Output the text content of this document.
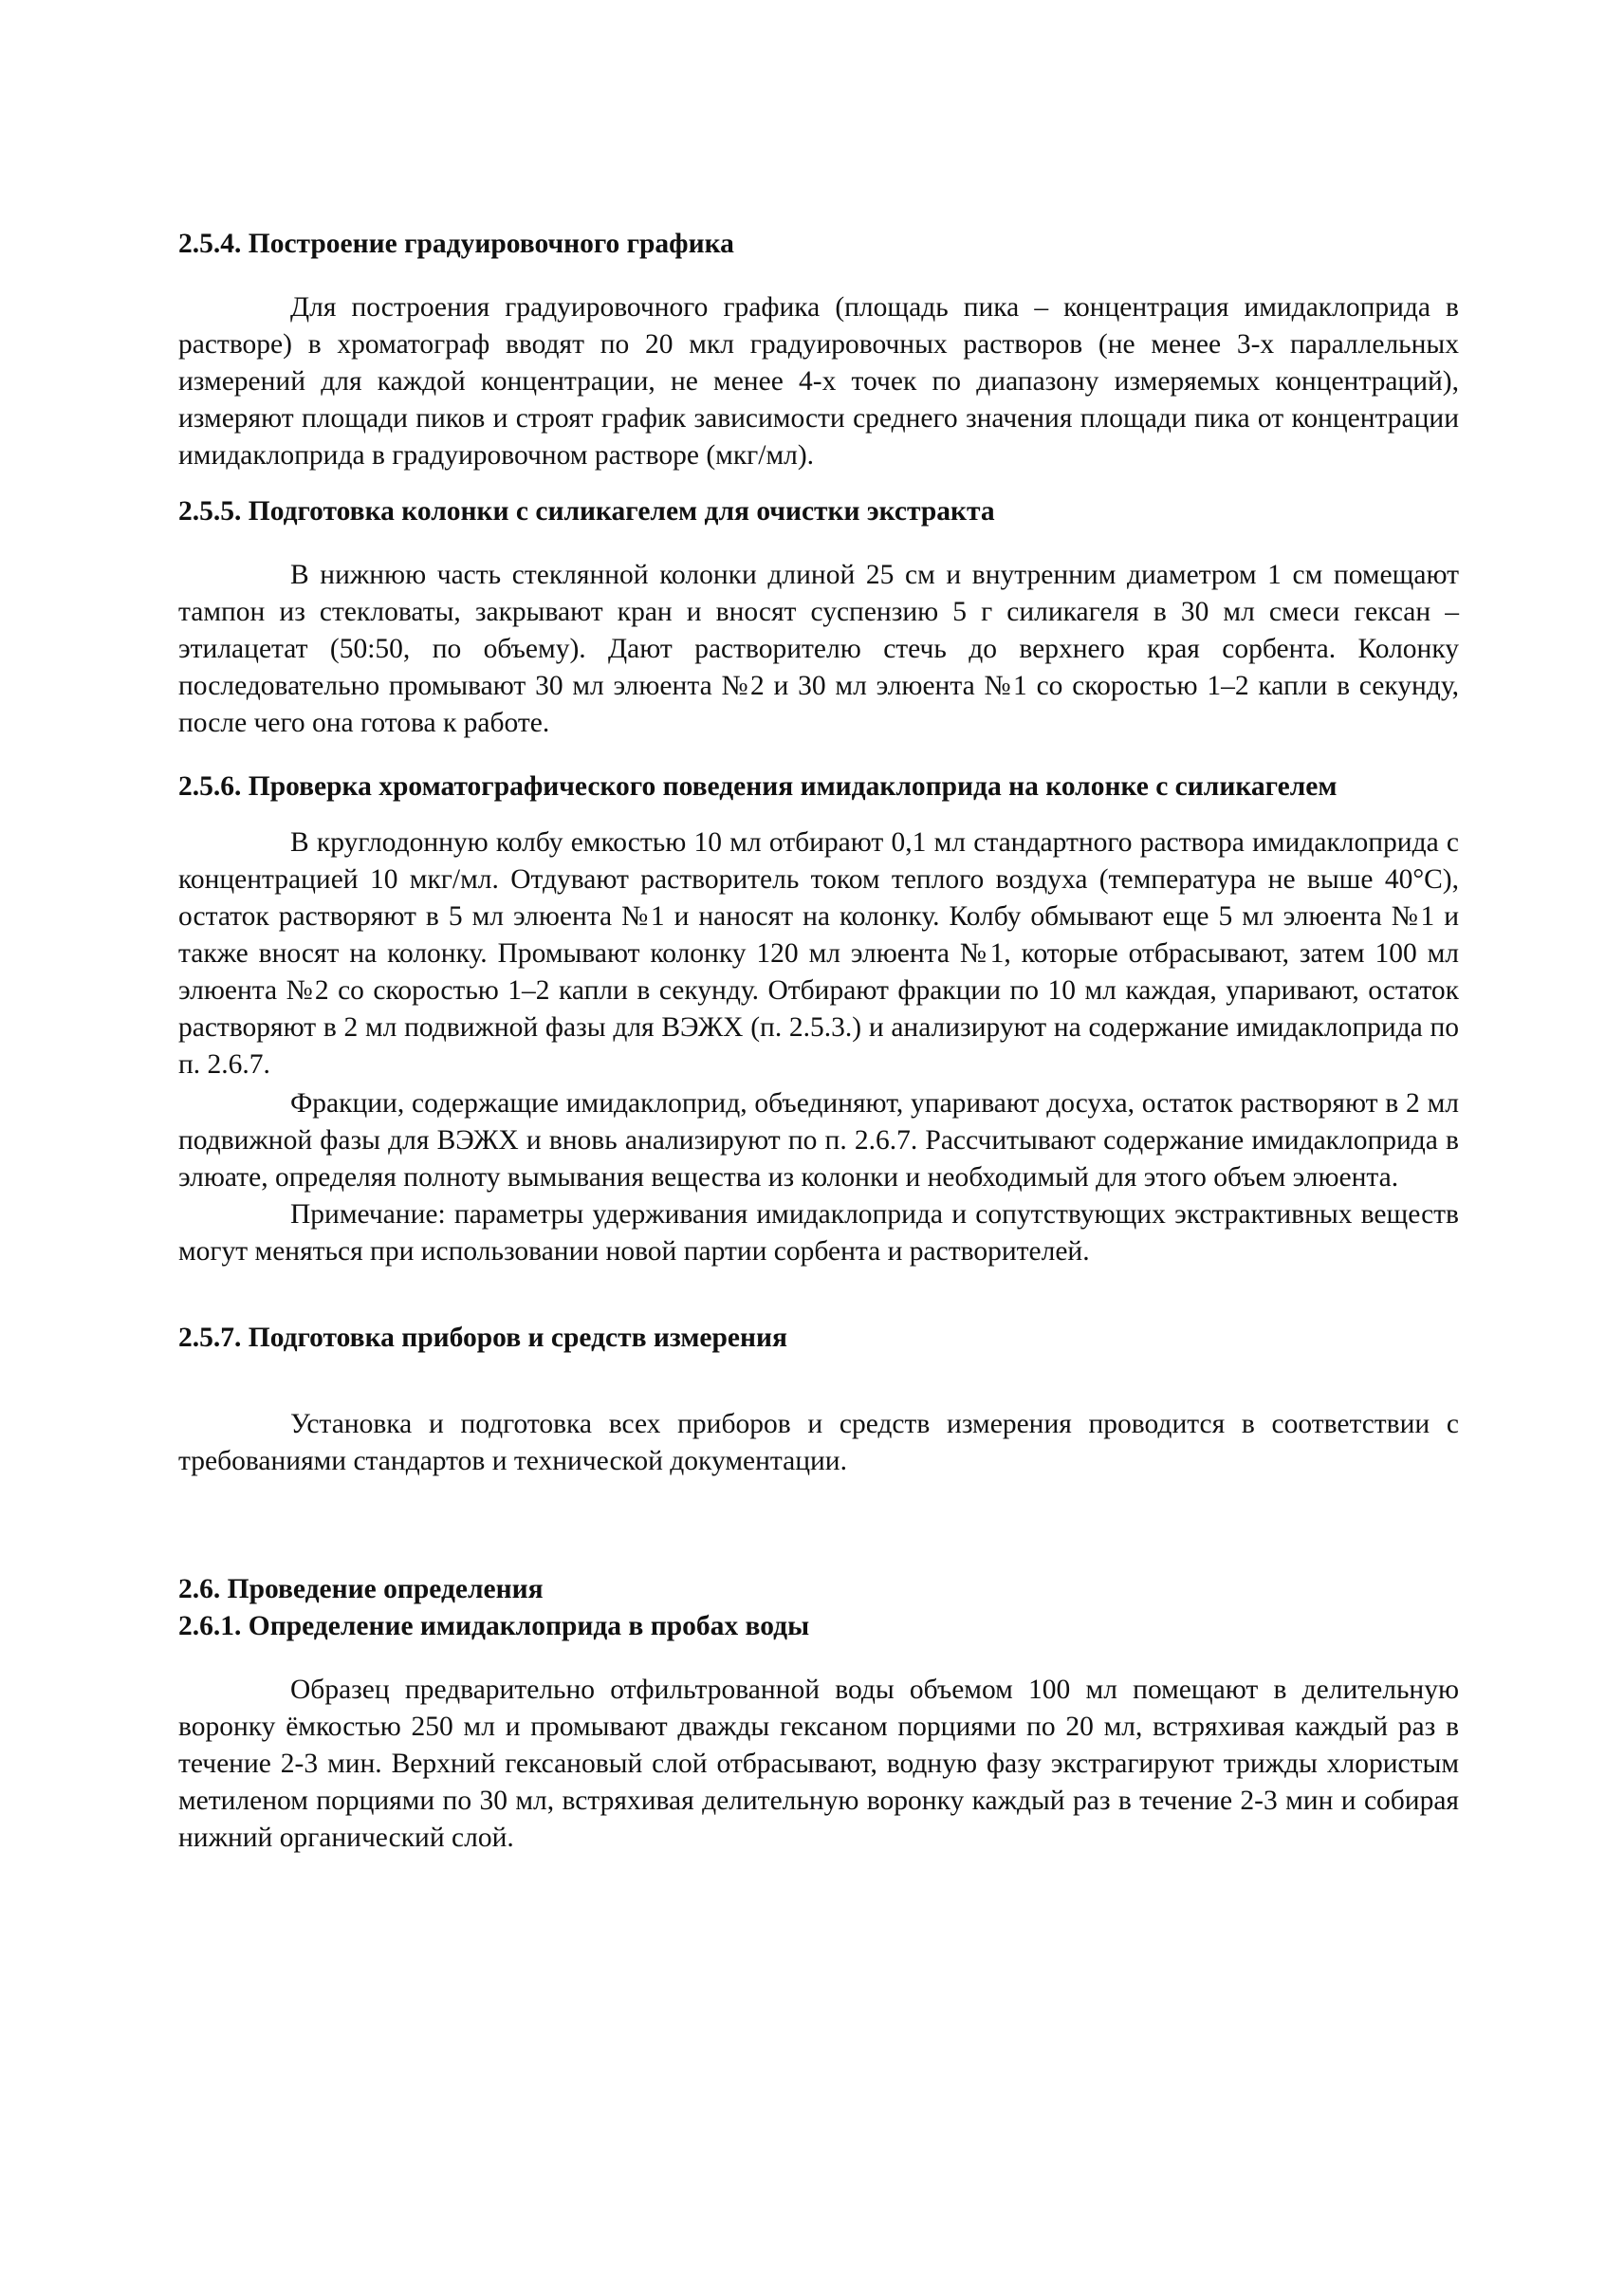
2.5.4. Построение градуировочного графика

Для построения градуировочного графика (площадь пика – концентрация имидаклоприда в растворе) в хроматограф вводят по 20 мкл градуировочных растворов (не менее 3-х параллельных измерений для каждой концентрации, не менее 4-х точек по диапазону измеряемых концентраций), измеряют площади пиков и строят график зависимости среднего значения площади пика от концентрации имидаклоприда в градуировочном растворе (мкг/мл).

2.5.5. Подготовка колонки с силикагелем для очистки экстракта

В нижнюю часть стеклянной колонки длиной 25 см и внутренним диаметром 1 см помещают тампон из стекловаты, закрывают кран и вносят суспензию 5 г силикагеля в 30 мл смеси гексан – этилацетат (50:50, по объему). Дают растворителю стечь до верхнего края сорбента. Колонку последовательно промывают 30 мл элюента №2 и 30 мл элюента №1 со скоростью 1–2 капли в секунду, после чего она готова к работе.

2.5.6. Проверка хроматографического поведения имидаклоприда на колонке с силикагелем

В круглодонную колбу емкостью 10 мл отбирают 0,1 мл стандартного раствора имидаклоприда с концентрацией 10 мкг/мл. Отдувают растворитель током теплого воздуха (температура не выше 40°С), остаток растворяют в 5 мл элюента №1 и наносят на колонку. Колбу обмывают еще 5 мл элюента №1 и также вносят на колонку. Промывают колонку 120 мл элюента №1, которые отбрасывают, затем 100 мл элюента №2 со скоростью 1–2 капли в секунду. Отбирают фракции по 10 мл каждая, упаривают, остаток растворяют в 2 мл подвижной фазы для ВЭЖХ (п. 2.5.3.) и анализируют на содержание имидаклоприда по п. 2.6.7.

Фракции, содержащие имидаклоприд, объединяют, упаривают досуха, остаток растворяют в 2 мл подвижной фазы для ВЭЖХ и вновь анализируют по п. 2.6.7. Рассчитывают содержание имидаклоприда в элюате, определяя полноту вымывания вещества из колонки и необходимый для этого объем элюента.

Примечание: параметры удерживания имидаклоприда и сопутствующих экстрактивных веществ могут меняться при использовании новой партии сорбента и растворителей.

2.5.7. Подготовка приборов и средств измерения

Установка и подготовка всех приборов и средств измерения проводится в соответствии с требованиями стандартов и технической документации.

2.6. Проведение определения

2.6.1. Определение имидаклоприда в пробах воды

Образец предварительно отфильтрованной воды объемом 100 мл помещают в делительную воронку ёмкостью 250 мл и промывают дважды гексаном порциями по 20 мл, встряхивая каждый раз в течение 2-3 мин. Верхний гексановый слой отбрасывают, водную фазу экстрагируют трижды хлористым метиленом порциями по 30 мл, встряхивая делительную воронку каждый раз в течение 2-3 мин и собирая нижний органический слой.
